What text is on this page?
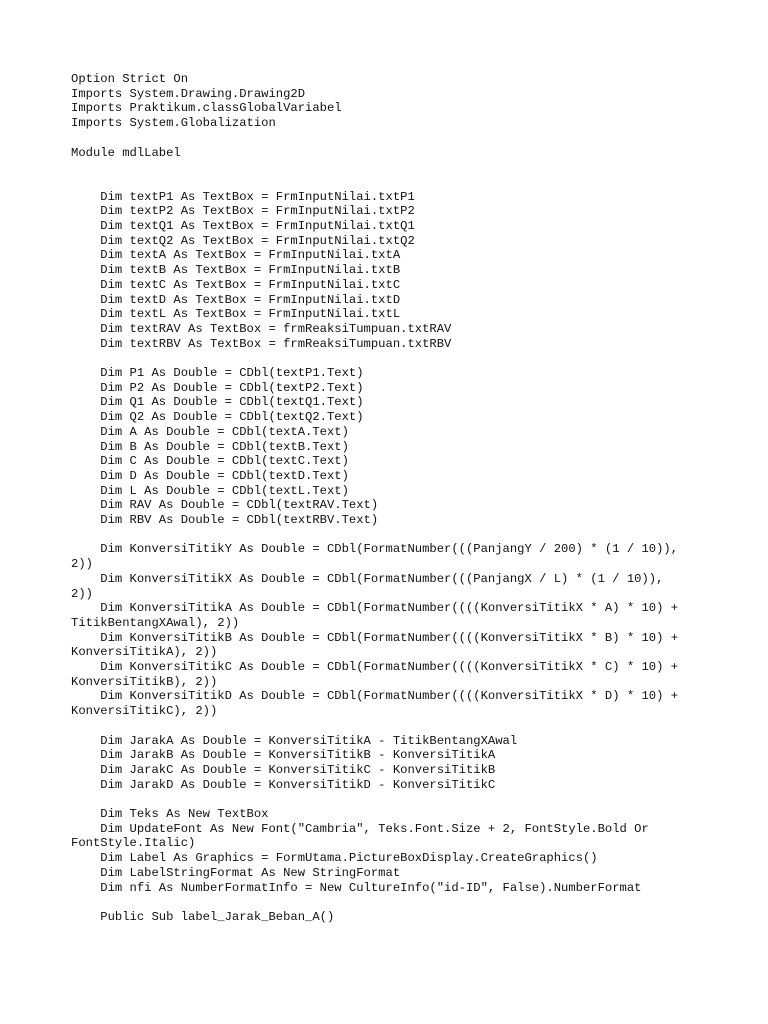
Option Strict On
Imports System.Drawing.Drawing2D
Imports Praktikum.classGlobalVariabel
Imports System.Globalization
Module mdlLabel
Dim textP1 As TextBox = FrmInputNilai.txtP1
Dim textP2 As TextBox = FrmInputNilai.txtP2
Dim textQ1 As TextBox = FrmInputNilai.txtQ1
Dim textQ2 As TextBox = FrmInputNilai.txtQ2
Dim textA As TextBox = FrmInputNilai.txtA
Dim textB As TextBox = FrmInputNilai.txtB
Dim textC As TextBox = FrmInputNilai.txtC
Dim textD As TextBox = FrmInputNilai.txtD
Dim textL As TextBox = FrmInputNilai.txtL
Dim textRAV As TextBox = frmReaksiTumpuan.txtRAV
Dim textRBV As TextBox = frmReaksiTumpuan.txtRBV
Dim P1 As Double = CDbl(textP1.Text)
Dim P2 As Double = CDbl(textP2.Text)
Dim Q1 As Double = CDbl(textQ1.Text)
Dim Q2 As Double = CDbl(textQ2.Text)
Dim A As Double = CDbl(textA.Text)
Dim B As Double = CDbl(textB.Text)
Dim C As Double = CDbl(textC.Text)
Dim D As Double = CDbl(textD.Text)
Dim L As Double = CDbl(textL.Text)
Dim RAV As Double = CDbl(textRAV.Text)
Dim RBV As Double = CDbl(textRBV.Text)
Dim KonversiTitikY As Double = CDbl(FormatNumber(((PanjangY / 200) * (1 / 10)),
2))
Dim KonversiTitikX As Double = CDbl(FormatNumber(((PanjangX / L) * (1 / 10)),
2))
Dim KonversiTitikA As Double = CDbl(FormatNumber((((KonversiTitikX * A) * 10) +
TitikBentangXAwal), 2))
Dim KonversiTitikB As Double = CDbl(FormatNumber((((KonversiTitikX * B) * 10) +
KonversiTitikA), 2))
Dim KonversiTitikC As Double = CDbl(FormatNumber((((KonversiTitikX * C) * 10) +
KonversiTitikB), 2))
Dim KonversiTitikD As Double = CDbl(FormatNumber((((KonversiTitikX * D) * 10) +
KonversiTitikC), 2))
Dim JarakA As Double = KonversiTitikA - TitikBentangXAwal
Dim JarakB As Double = KonversiTitikB - KonversiTitikA
Dim JarakC As Double = KonversiTitikC - KonversiTitikB
Dim JarakD As Double = KonversiTitikD - KonversiTitikC
Dim Teks As New TextBox
Dim UpdateFont As New Font("Cambria", Teks.Font.Size + 2, FontStyle.Bold Or
FontStyle.Italic)
Dim Label As Graphics = FormUtama.PictureBoxDisplay.CreateGraphics()
Dim LabelStringFormat As New StringFormat
Dim nfi As NumberFormatInfo = New CultureInfo("id-ID", False).NumberFormat
Public Sub label_Jarak_Beban_A()
